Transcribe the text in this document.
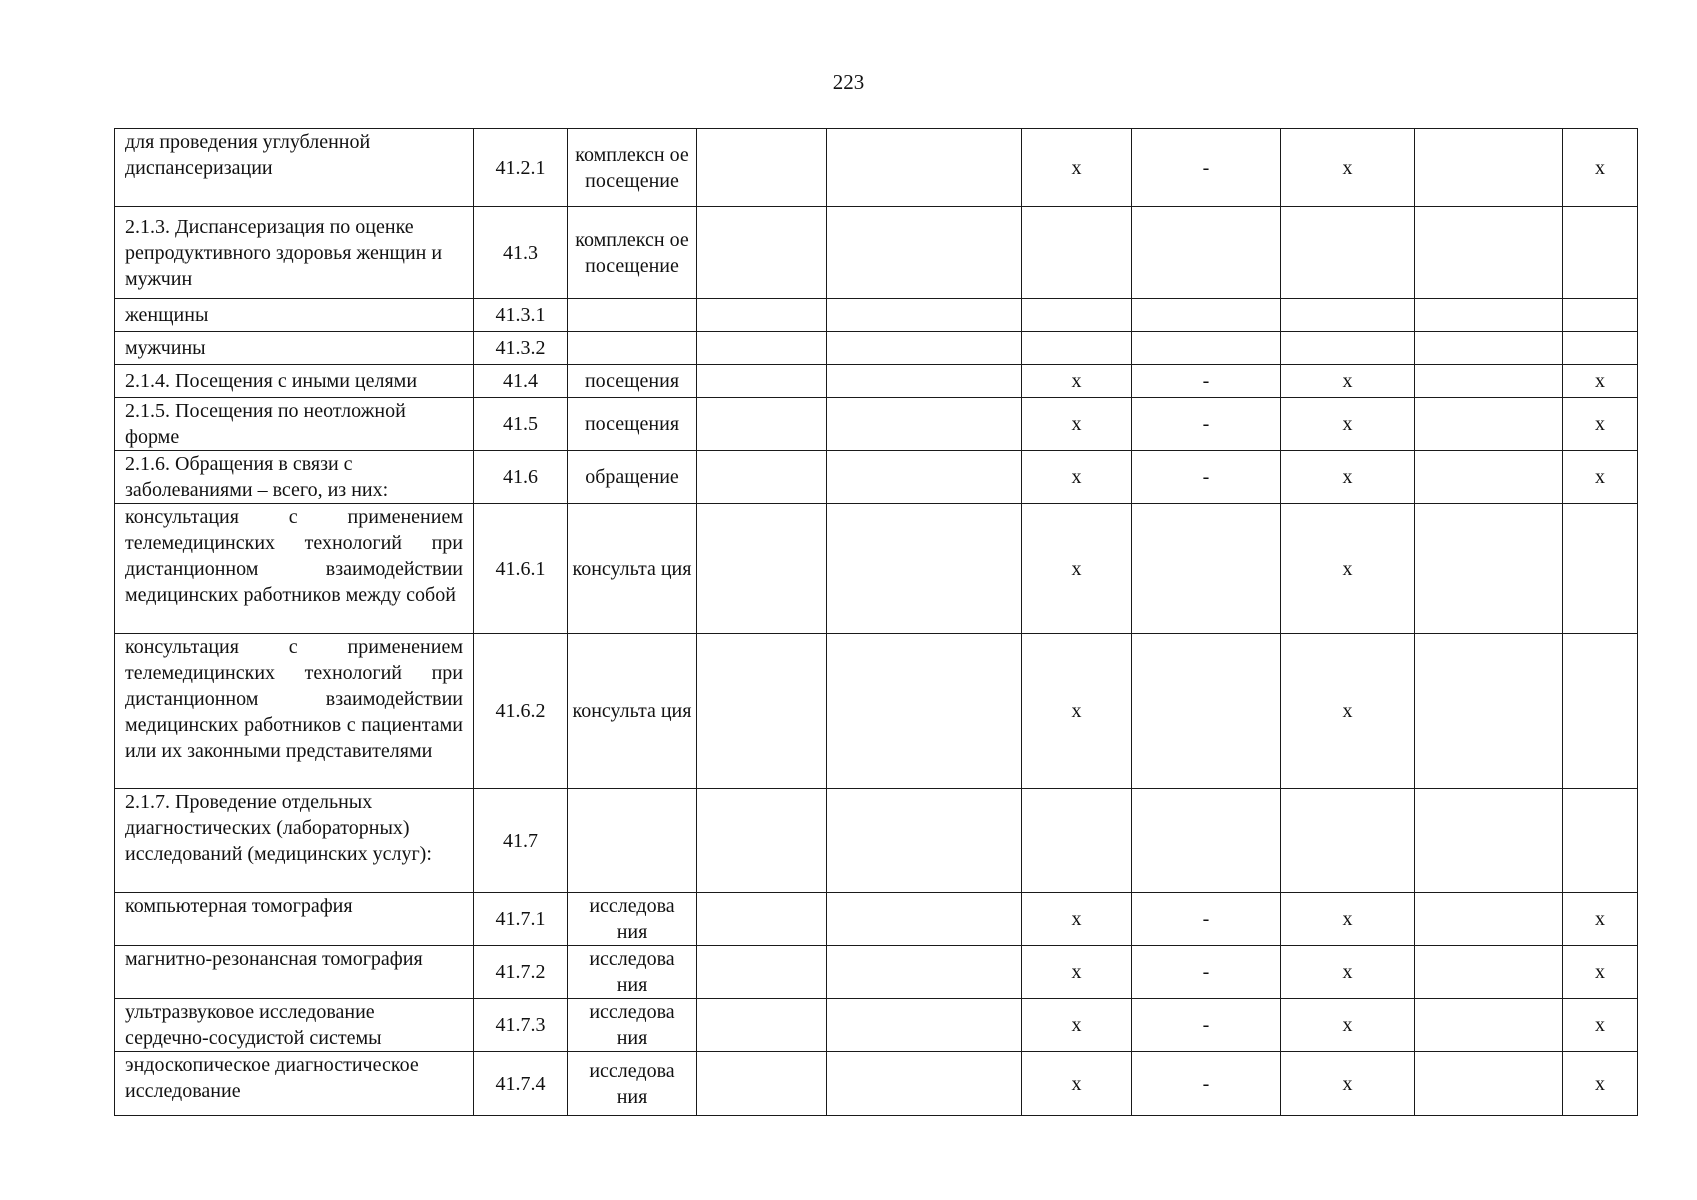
223
для проведения углубленной диспансеризации	41.2.1	комплексн ое посещение			х	-	х		х

2.1.3. Диспансеризация по оценке репродуктивного здоровья женщин и мужчин	41.3	комплексн ое посещение							

женщины	41.3.1								

мужчины	41.3.2								

2.1.4. Посещения с иными целями	41.4	посещения			х	-	х		х

2.1.5. Посещения по неотложной форме	41.5	посещения			х	-	х		х

2.1.6. Обращения в связи с заболеваниями – всего, из них:	41.6	обращение			х	-	х		х

консультация с применением телемедицинских технологий при дистанционном взаимодействии медицинских работников между собой	41.6.1	консульта ция			х		х		

консультация с применением телемедицинских технологий при дистанционном взаимодействии медицинских работников с пациентами или их законными представителями	41.6.2	консульта ция			х		х		

2.1.7. Проведение отдельных диагностических (лабораторных) исследований (медицинских услуг):	41.7								

компьютерная томография	41.7.1	исследова ния			х	-	х		х

магнитно-резонансная томография	41.7.2	исследова ния			х	-	х		х

ультразвуковое исследование сердечно-сосудистой системы	41.7.3	исследова ния			х	-	х		х

эндоскопическое диагностическое исследование	41.7.4	исследова ния			х	-	х		х
